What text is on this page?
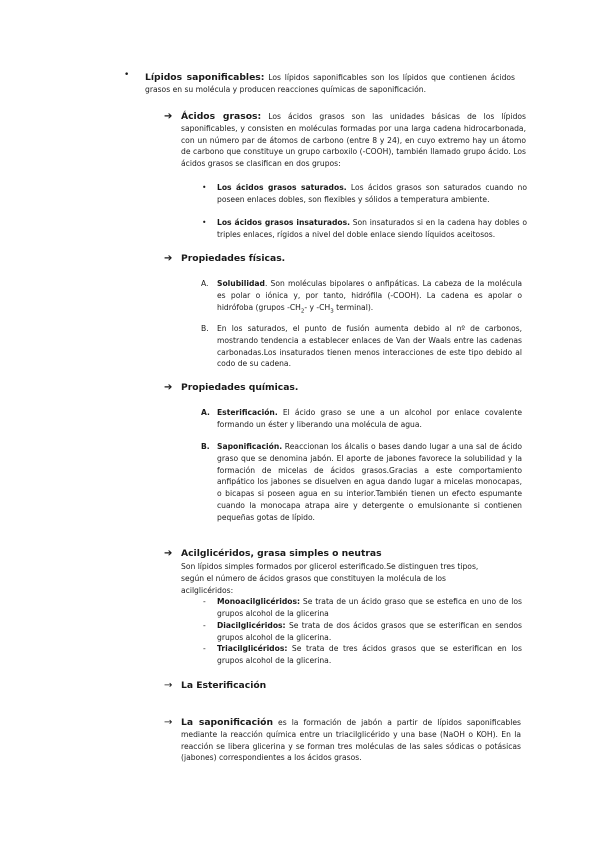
• Lípidos saponificables: Los lípidos saponificables son los lípidos que contienen ácidos grasos en su molécula y producen reacciones químicas de saponificación.
➔ Ácidos grasos: Los ácidos grasos son las unidades básicas de los lípidos saponificables, y consisten en moléculas formadas por una larga cadena hidrocarbonada, con un número par de átomos de carbono (entre 8 y 24), en cuyo extremo hay un átomo de carbono que constituye un grupo carboxilo (-COOH), también llamado grupo ácido. Los ácidos grasos se clasifican en dos grupos:
• Los ácidos grasos saturados. Los ácidos grasos son saturados cuando no poseen enlaces dobles, son flexibles y sólidos a temperatura ambiente.
• Los ácidos grasos insaturados. Son insaturados si en la cadena hay dobles o triples enlaces, rígidos a nivel del doble enlace siendo líquidos aceitosos.
➔ Propiedades físicas.
A. Solubilidad. Son moléculas bipolares o anfipáticas. La cabeza de la molécula es polar o iónica y, por tanto, hidrófila (-COOH). La cadena es apolar o hidrófoba (grupos $-CH_2-$ y $-CH_3$ terminal).
B. En los saturados, el punto de fusión aumenta debido al nº de carbonos, mostrando tendencia a establecer enlaces de Van der Waals entre las cadenas carbonadas.Los insaturados tienen menos interacciones de este tipo debido al codo de su cadena.
➔ Propiedades químicas.
A. Esterificación. El ácido graso se une a un alcohol por enlace covalente formando un éster y liberando una molécula de agua.
B. Saponificación. Reaccionan los álcalis o bases dando lugar a una sal de ácido graso que se denomina jabón. El aporte de jabones favorece la solubilidad y la formación de micelas de ácidos grasos.Gracias a este comportamiento anfipático los jabones se disuelven en agua dando lugar a micelas monocapas, o bicapas si poseen agua en su interior.También tienen un efecto espumante cuando la monocapa atrapa aire y detergente o emulsionante si contienen pequeñas gotas de lípido.
➔ Acilglicéridos, grasa simples o neutras
Son lípidos simples formados por glicerol esterificado.Se distinguen tres tipos, según el número de ácidos grasos que constituyen la molécula de los acilglicéridos:
- Monoacilglicéridos: Se trata de un ácido graso que se estefica en uno de los grupos alcohol de la glicerina
- Diacilglicéridos: Se trata de dos ácidos grasos que se esterifican en sendos grupos alcohol de la glicerina.
- Triacilglicéridos: Se trata de tres ácidos grasos que se esterifican en los grupos alcohol de la glicerina.
→ La Esterificación
→ La saponificación es la formación de jabón a partir de lípidos saponificables mediante la reacción química entre un triacilglicérido y una base (NaOH o KOH). En la reacción se libera glicerina y se forman tres moléculas de las sales sódicas o potásicas (jabones) correspondientes a los ácidos grasos.
